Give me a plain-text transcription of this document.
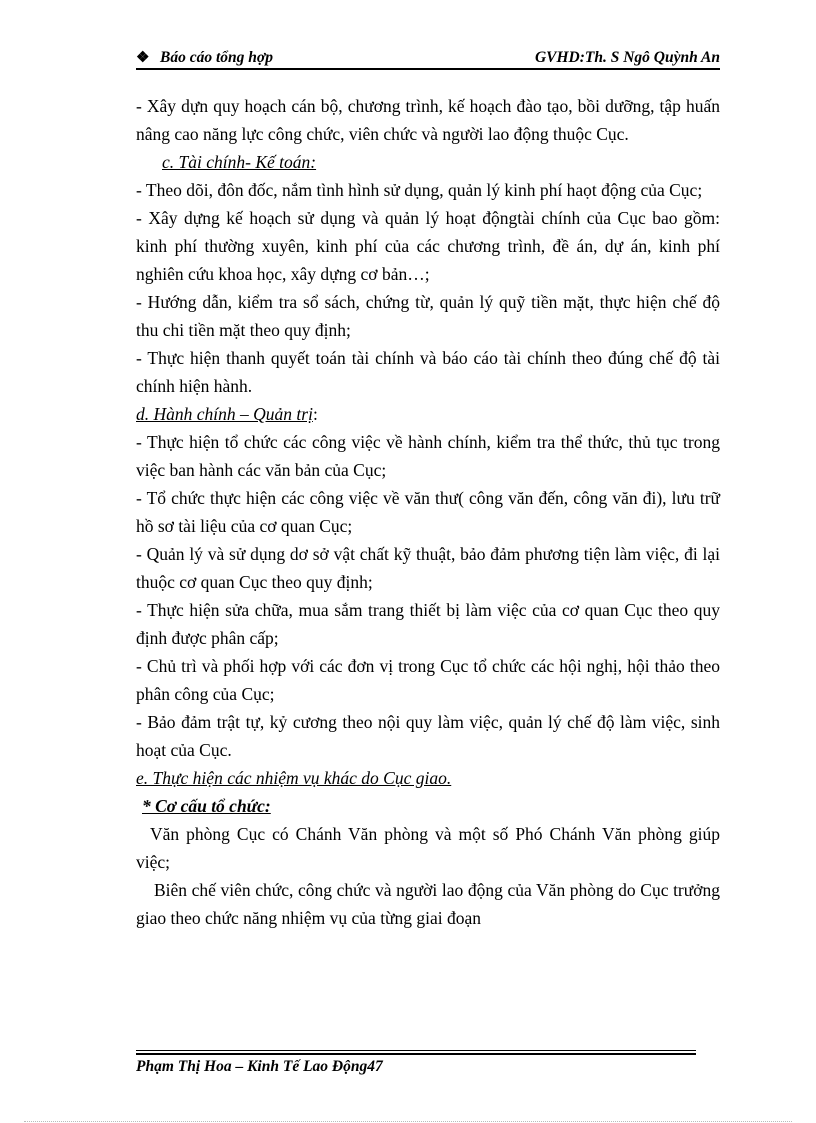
❖ Báo cáo tổng hợp	GVHD:Th. S Ngô Quỳnh An

- Xây dựn quy hoạch cán bộ, chương trình, kế hoạch đào tạo, bồi dưỡng, tập huấn nâng cao năng lực công chức, viên chức và người lao động thuộc Cục.

c. Tài chính- Kế toán:

- Theo dõi, đôn đốc, nắm tình hình sử dụng, quản lý kinh phí haọt động của Cục;

- Xây dựng kế hoạch sử dụng và quản lý hoạt độngtài chính của Cục bao gồm: kinh phí thường xuyên, kinh phí của các chương trình, đề án, dự án, kinh phí nghiên cứu khoa học, xây dựng cơ bản…;

- Hướng dẫn, kiểm tra sổ sách, chứng từ, quản lý quỹ tiền mặt, thực hiện chế độ thu chi tiền mặt theo quy định;

- Thực hiện thanh quyết toán tài chính và báo cáo tài chính theo đúng chế độ tài chính hiện hành.

d. Hành chính – Quản trị:

- Thực hiện tổ chức các công việc về hành chính, kiểm tra thể thức, thủ tục trong việc ban hành các văn bản của Cục;

- Tổ chức thực hiện các công việc về văn thư( công văn đến, công văn đi), lưu trữ hồ sơ tài liệu của cơ quan Cục;

- Quản lý và sử dụng dơ sở vật chất kỹ thuật, bảo đảm phương tiện làm việc, đi lại thuộc cơ quan Cục theo quy định;

- Thực hiện sửa chữa, mua sắm trang thiết bị làm việc của cơ quan Cục theo quy định được phân cấp;

- Chủ trì và phối hợp với các đơn vị trong Cục tổ chức các hội nghị, hội thảo theo phân công của Cục;

- Bảo đảm trật tự, kỷ cương theo nội quy làm việc, quản lý chế độ làm việc, sinh hoạt của Cục.

e. Thực hiện các nhiệm vụ khác do Cục giao.

* Cơ cấu tổ chức:

Văn phòng Cục có Chánh Văn phòng và một số Phó Chánh Văn phòng giúp việc;

Biên chế viên chức, công chức và người lao động của Văn phòng do Cục trưởng giao theo chức năng nhiệm vụ của từng giai đoạn

Phạm Thị Hoa – Kinh Tế Lao Động47
